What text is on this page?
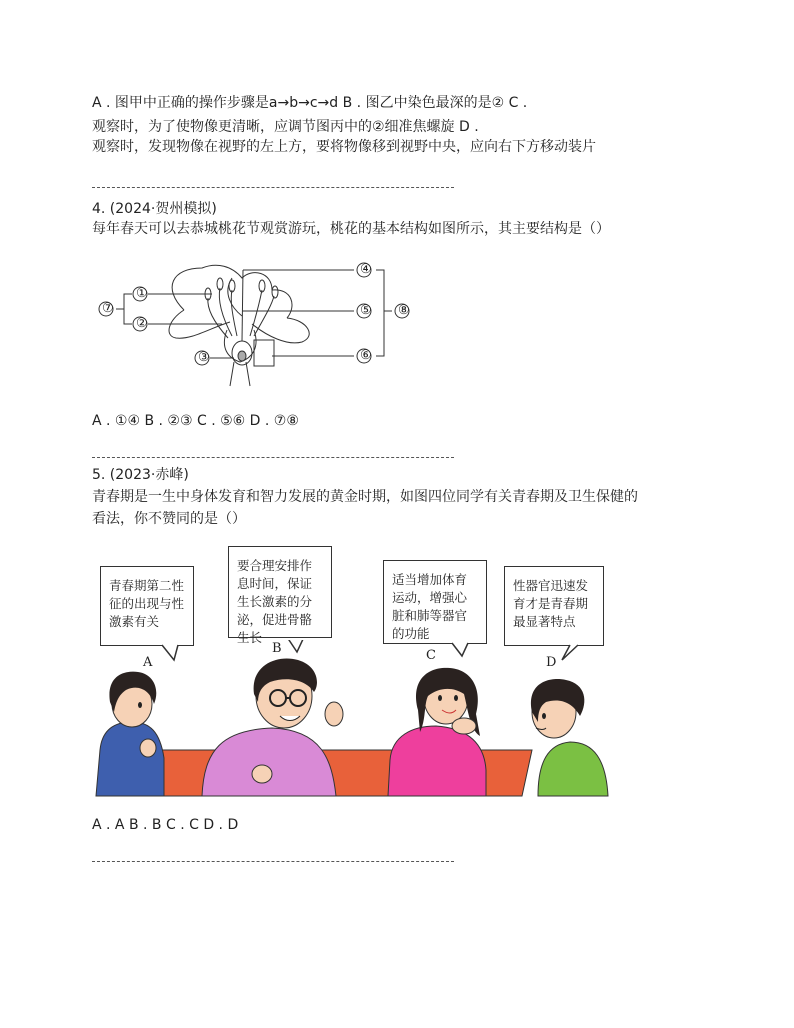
A . 图甲中正确的操作步骤是a→b→c→d B . 图乙中染色最深的是② C .
观察时，为了使物像更清晰，应调节图丙中的②细准焦螺旋 D .
观察时，发现物像在视野的左上方，要将物像移到视野中央，应向右下方移动装片
4. (2024·贺州模拟)
每年春天可以去恭城桃花节观赏游玩，桃花的基本结构如图所示，其主要结构是（）
①
②
③
④
⑤
⑥
⑦	⑧
A . ①④ B . ②③ C . ⑤⑥ D . ⑦⑧
5. (2023·赤峰)
青春期是一生中身体发育和智力发展的黄金时期，如图四位同学有关青春期及卫生保健的
看法，你不赞同的是（）
青春期第二性征的出现与性激素有关
要合理安排作息时间，保证生长激素的分泌，促进骨骼生长
适当增加体育运动，增强心脏和肺等器官的功能
性器官迅速发育才是青春期最显著特点
A
B	C	D
A . A B . B C . C D . D
